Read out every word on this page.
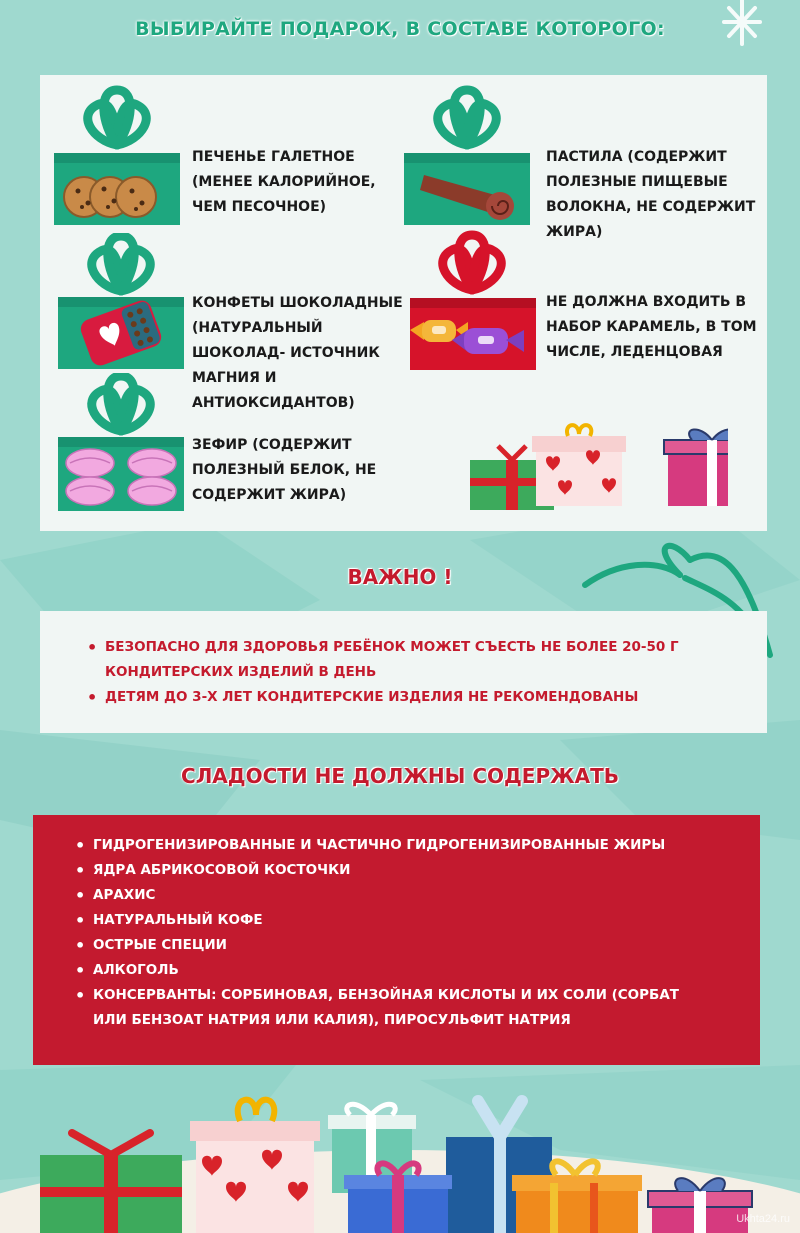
ВЫБИРАЙТЕ ПОДАРОК, В СОСТАВЕ КОТОРОГО:
ПЕЧЕНЬЕ ГАЛЕТНОЕ (МЕНЕЕ КАЛОРИЙНОЕ, ЧЕМ ПЕСОЧНОЕ)
ПАСТИЛА (СОДЕРЖИТ ПОЛЕЗНЫЕ ПИЩЕВЫЕ ВОЛОКНА, НЕ СОДЕРЖИТ ЖИРА)
КОНФЕТЫ ШОКОЛАДНЫЕ (НАТУРАЛЬНЫЙ ШОКОЛАД- ИСТОЧНИК МАГНИЯ И АНТИОКСИДАНТОВ)
НЕ ДОЛЖНА ВХОДИТЬ В НАБОР КАРАМЕЛЬ, В ТОМ ЧИСЛЕ, ЛЕДЕНЦОВАЯ
ЗЕФИР (СОДЕРЖИТ ПОЛЕЗНЫЙ БЕЛОК, НЕ СОДЕРЖИТ ЖИРА)
ВАЖНО !
• БЕЗОПАСНО ДЛЯ ЗДОРОВЬЯ РЕБЁНОК МОЖЕТ СЪЕСТЬ НЕ БОЛЕЕ 20-50 Г КОНДИТЕРСКИХ ИЗДЕЛИЙ В ДЕНЬ
• ДЕТЯМ ДО 3-Х ЛЕТ КОНДИТЕРСКИЕ ИЗДЕЛИЯ НЕ РЕКОМЕНДОВАНЫ
СЛАДОСТИ НЕ ДОЛЖНЫ СОДЕРЖАТЬ
• ГИДРОГЕНИЗИРОВАННЫЕ И ЧАСТИЧНО ГИДРОГЕНИЗИРОВАННЫЕ ЖИРЫ
• ЯДРА АБРИКОСОВОЙ КОСТОЧКИ
• АРАХИС
• НАТУРАЛЬНЫЙ КОФЕ
• ОСТРЫЕ СПЕЦИИ
• АЛКОГОЛЬ
• КОНСЕРВАНТЫ: СОРБИНОВАЯ, БЕНЗОЙНАЯ КИСЛОТЫ И ИХ СОЛИ (СОРБАТ ИЛИ БЕНЗОАТ НАТРИЯ ИЛИ КАЛИЯ), ПИРОСУЛЬФИТ НАТРИЯ
Ukhta24.ru
